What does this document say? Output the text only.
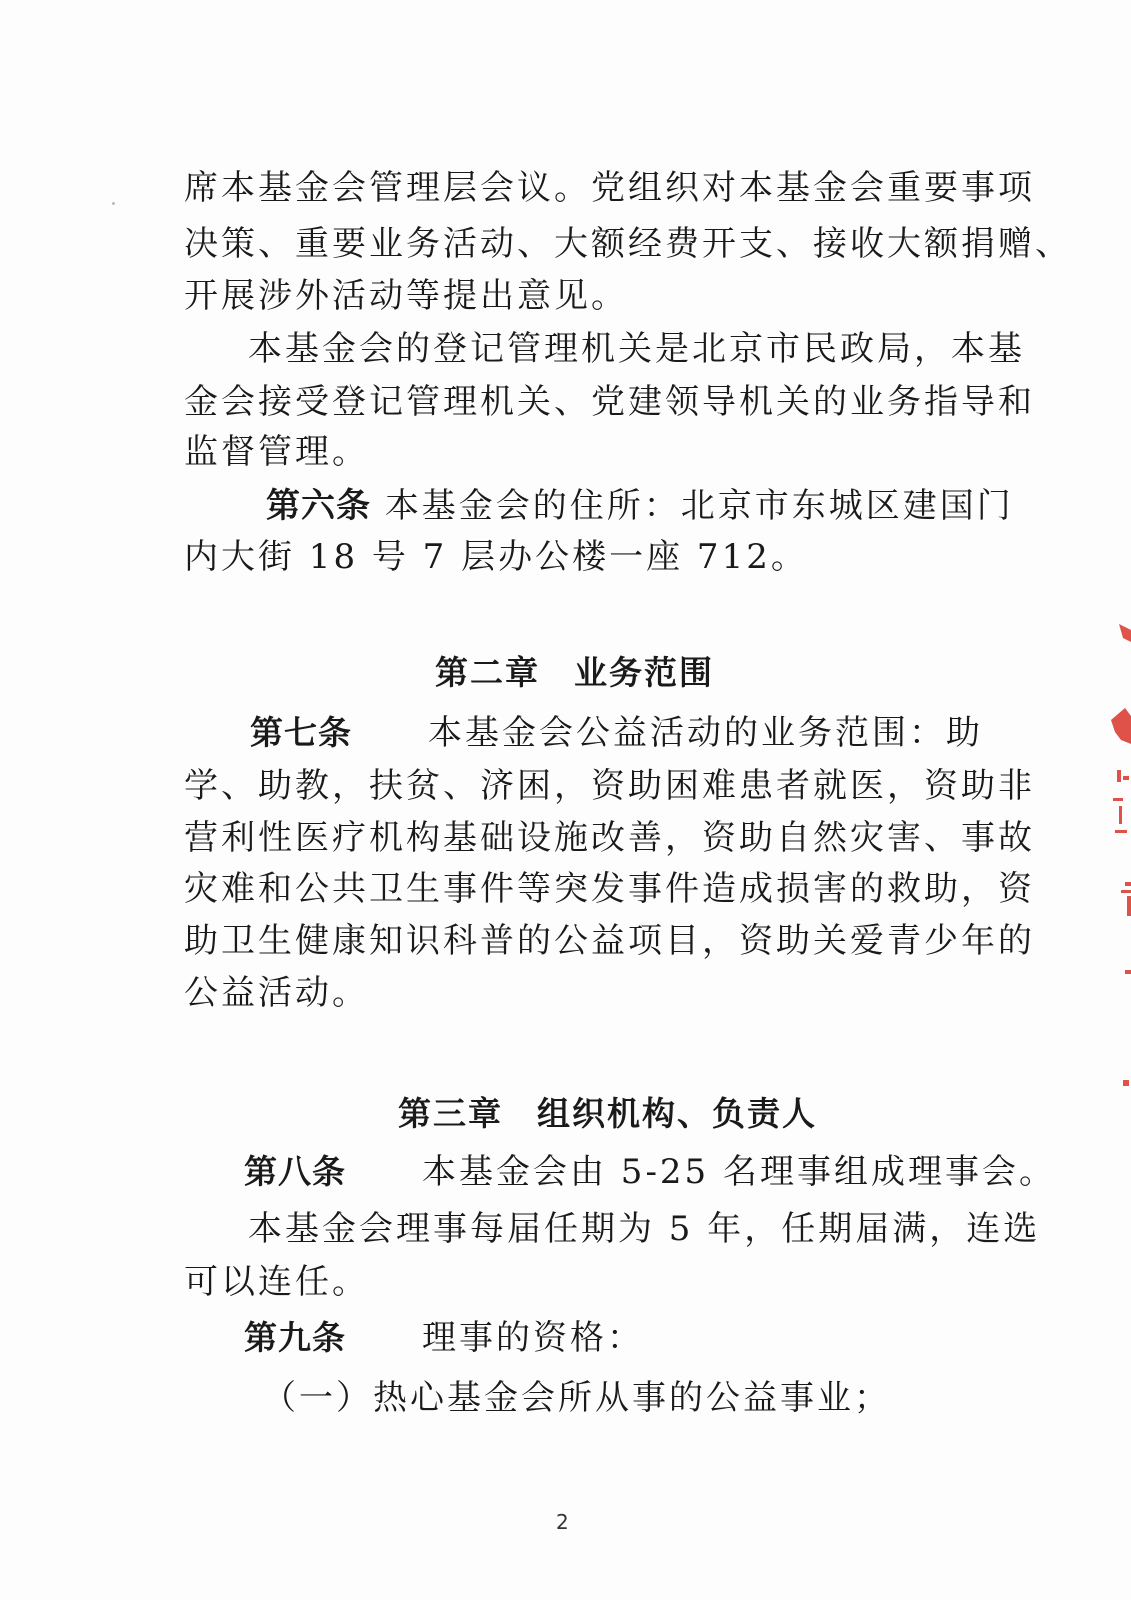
席本基金会管理层会议。党组织对本基金会重要事项
决策、重要业务活动、大额经费开支、接收大额捐赠、
开展涉外活动等提出意见。
本基金会的登记管理机关是北京市民政局，本基
金会接受登记管理机关、党建领导机关的业务指导和
监督管理。
第六条 本基金会的住所：北京市东城区建国门
内大街 18 号 7 层办公楼一座 712。
第二章 业务范围
第七条 本基金会公益活动的业务范围：助
学、助教，扶贫、济困，资助困难患者就医，资助非
营利性医疗机构基础设施改善，资助自然灾害、事故
灾难和公共卫生事件等突发事件造成损害的救助，资
助卫生健康知识科普的公益项目，资助关爱青少年的
公益活动。
第三章 组织机构、负责人
第八条 本基金会由 5-25 名理事组成理事会。
本基金会理事每届任期为 5 年，任期届满，连选
可以连任。
第九条 理事的资格：
（一）热心基金会所从事的公益事业；
2
